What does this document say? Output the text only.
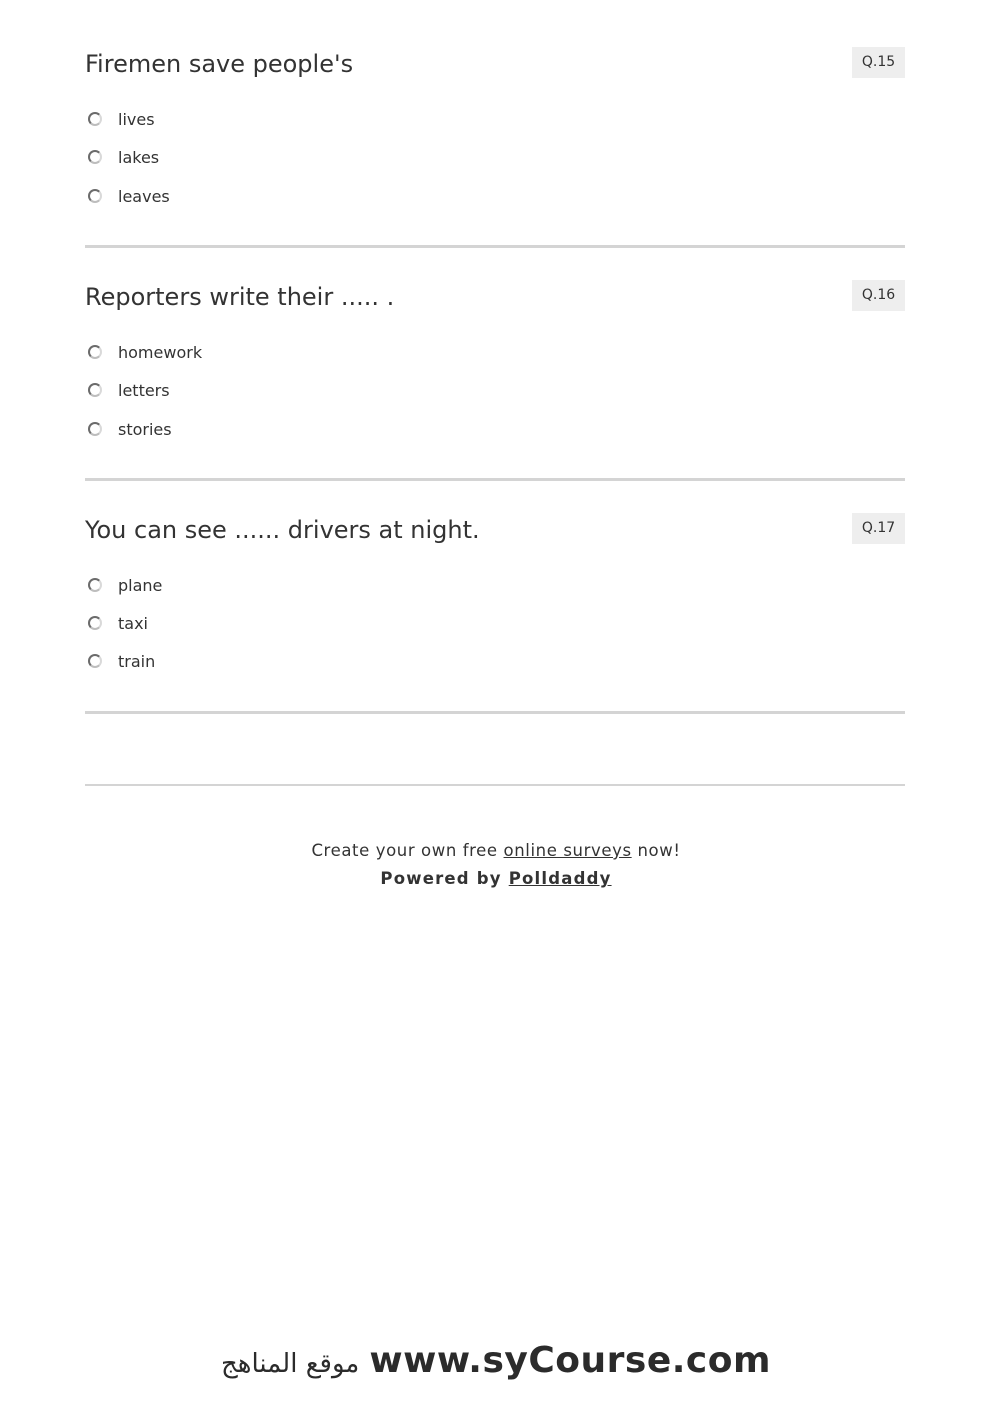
Firemen save people's	Q.15
lives
lakes
leaves
Reporters write their ..... .	Q.16
homework
letters
stories
You can see ...... drivers at night.	Q.17
plane
taxi
train
Create your own free online surveys now!
Powered by Polldaddy
موقع المناهج www.syCourse.com
